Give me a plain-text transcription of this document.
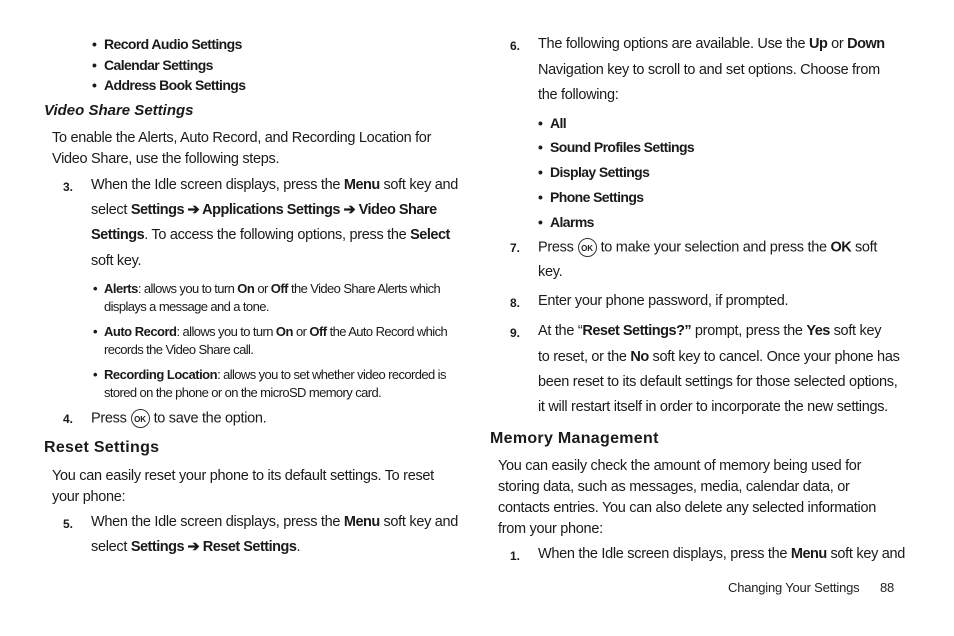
• Record Audio Settings
• Calendar Settings
• Address Book Settings
Video Share Settings
To enable the Alerts, Auto Record, and Recording Location for
Video Share, use the following steps.
3. When the Idle screen displays, press the Menu soft key and
select Settings ➔ Applications Settings ➔ Video Share
Settings. To access the following options, press the Select
soft key.
• Alerts: allows you to turn On or Off the Video Share Alerts which
displays a message and a tone.
• Auto Record: allows you to turn On or Off the Auto Record which
records the Video Share call.
• Recording Location: allows you to set whether video recorded is
stored on the phone or on the microSD memory card.
4. Press OK to save the option.
Reset Settings
You can easily reset your phone to its default settings. To reset
your phone:
5. When the Idle screen displays, press the Menu soft key and
select Settings ➔ Reset Settings.
6. The following options are available. Use the Up or Down
Navigation key to scroll to and set options. Choose from
the following:
• All
• Sound Profiles Settings
• Display Settings
• Phone Settings
• Alarms
7. Press OK to make your selection and press the OK soft
key.
8. Enter your phone password, if prompted.
9. At the “Reset Settings?” prompt, press the Yes soft key
to reset, or the No soft key to cancel. Once your phone has
been reset to its default settings for those selected options,
it will restart itself in order to incorporate the new settings.
Memory Management
You can easily check the amount of memory being used for
storing data, such as messages, media, calendar data, or
contacts entries. You can also delete any selected information
from your phone:
1. When the Idle screen displays, press the Menu soft key and
Changing Your Settings 88
